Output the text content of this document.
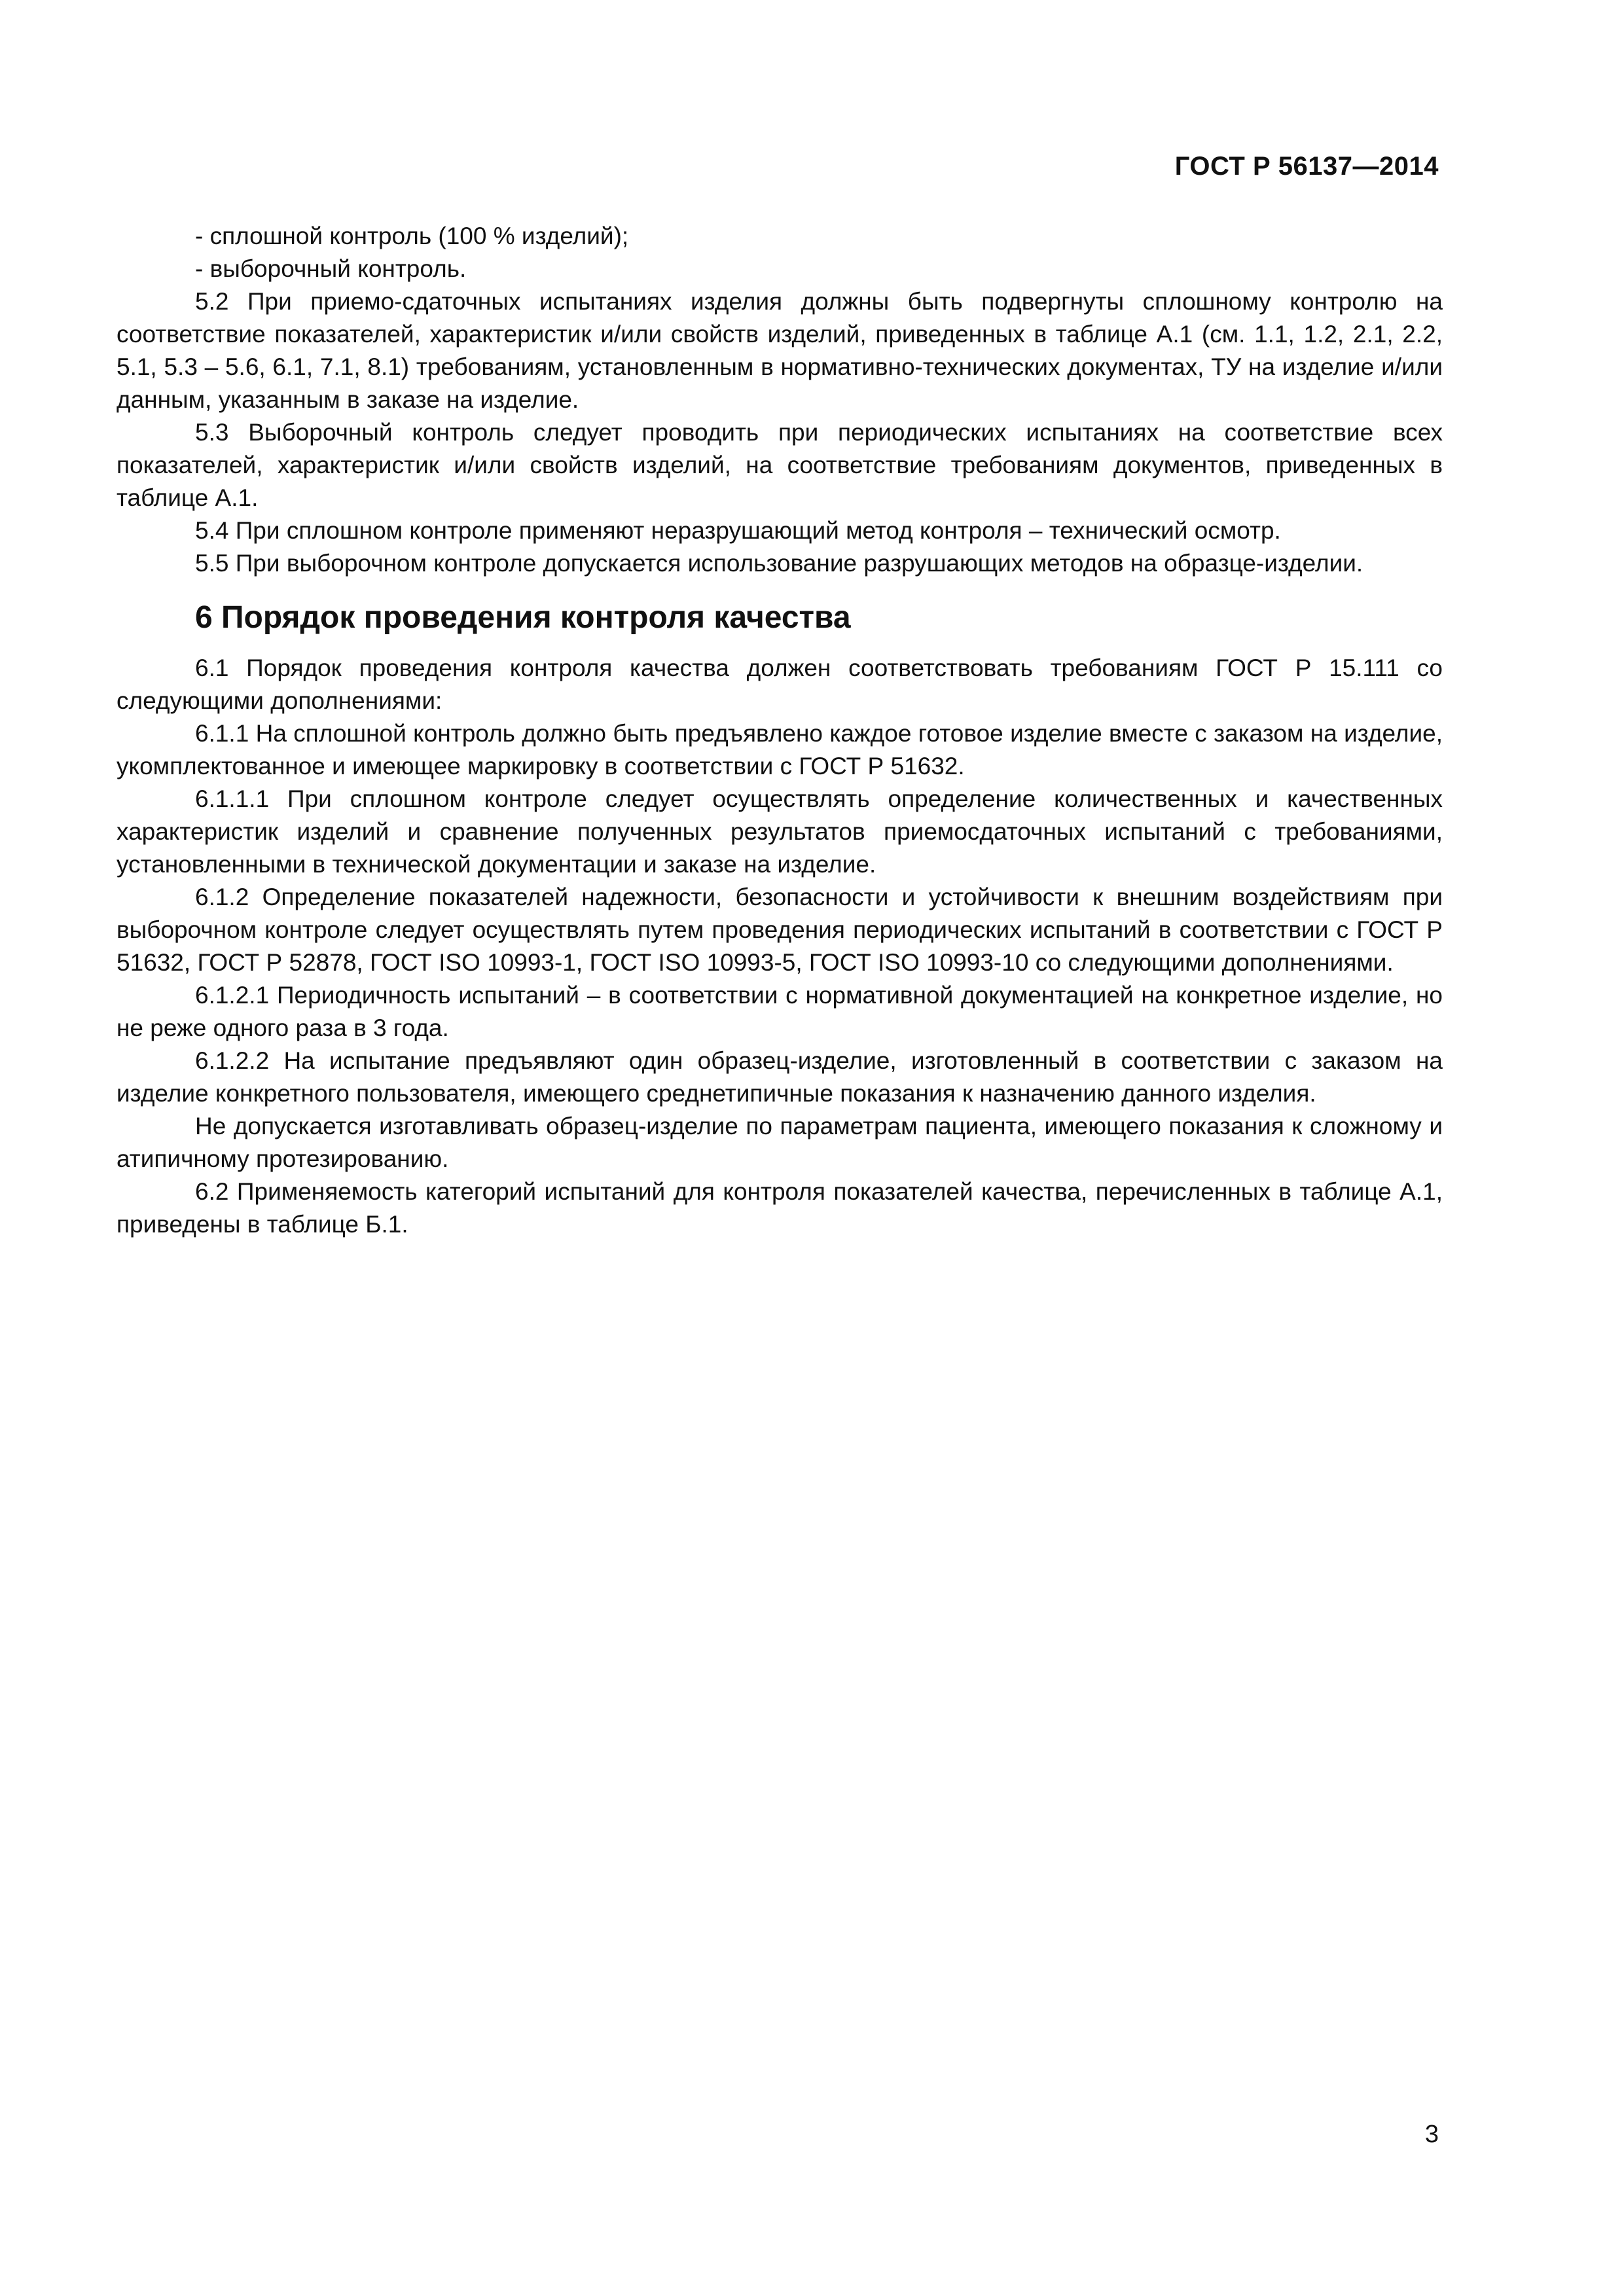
ГОСТ Р 56137—2014

- сплошной контроль (100 % изделий);

- выборочный контроль.

5.2 При приемо-сдаточных испытаниях изделия должны быть подвергнуты сплошному контролю на соответствие показателей, характеристик и/или свойств изделий, приведенных в таблице А.1 (см. 1.1, 1.2, 2.1, 2.2, 5.1, 5.3 – 5.6, 6.1, 7.1, 8.1) требованиям, установленным в нормативно-технических документах, ТУ на изделие и/или данным, указанным в заказе на изделие.

5.3 Выборочный контроль следует проводить при периодических испытаниях на соответствие всех показателей, характеристик и/или свойств изделий, на соответствие требованиям документов, приведенных в таблице А.1.

5.4 При сплошном контроле применяют неразрушающий метод контроля – технический осмотр.

5.5 При выборочном контроле допускается использование разрушающих методов на образце-изделии.

6 Порядок проведения контроля качества

6.1 Порядок проведения контроля качества должен соответствовать требованиям ГОСТ Р 15.111 со следующими дополнениями:

6.1.1 На сплошной контроль должно быть предъявлено каждое готовое изделие вместе с заказом на изделие, укомплектованное и имеющее маркировку в соответствии с ГОСТ Р 51632.

6.1.1.1 При сплошном контроле следует осуществлять определение количественных и качественных характеристик изделий и сравнение полученных результатов приемосдаточных испытаний с требованиями, установленными в технической документации и заказе на изделие.

6.1.2 Определение показателей надежности, безопасности и устойчивости к внешним воздействиям при выборочном контроле следует осуществлять путем проведения периодических испытаний в соответствии с ГОСТ Р 51632, ГОСТ Р 52878, ГОСТ ISO 10993-1, ГОСТ ISO 10993-5, ГОСТ ISO 10993-10 со следующими дополнениями.

6.1.2.1 Периодичность испытаний – в соответствии с нормативной документацией на конкретное изделие, но не реже одного раза в 3 года.

6.1.2.2 На испытание предъявляют один образец-изделие, изготовленный в соответствии с заказом на изделие конкретного пользователя, имеющего среднетипичные показания к назначению данного изделия.

Не допускается изготавливать образец-изделие по параметрам пациента, имеющего показания к сложному и атипичному протезированию.

6.2 Применяемость категорий испытаний для контроля показателей качества, перечисленных в таблице А.1, приведены в таблице Б.1.

3
